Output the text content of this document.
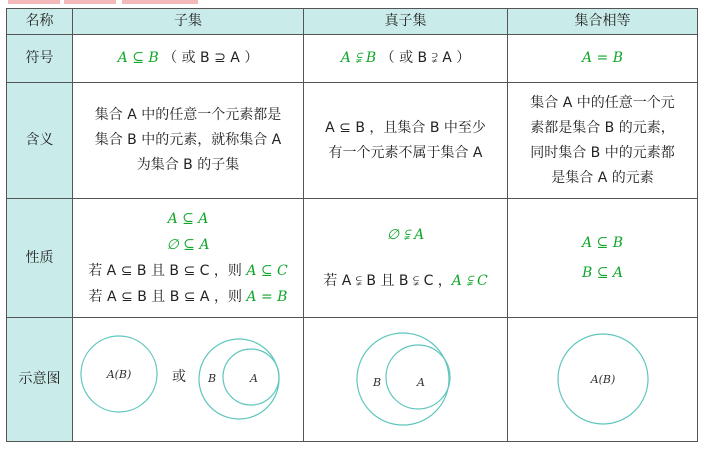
名称	子集	真子集	集合相等
符号	A ⊆ B （ 或 B ⊇ A ）	A ⫋ B （ 或 B ⫌ A ）	A = B
含义	集合 A 中的任意一个元素都是
集合 B 中的元素，就称集合 A
为集合 B 的子集	A ⊆ B ，且集合 B 中至少
有一个元素不属于集合 A	集合 A 中的任意一个元
素都是集合 B 的元素，
同时集合 B 中的元素都
是集合 A 的元素

性质	A ⊆ A
∅ ⊆ A
若 A ⊆ B 且 B ⊆ C ，则 A ⊆ C
若 A ⊆ B 且 B ⊆ A ，则 A = B	∅ ⫋ A
若 A ⫋ B 且 B ⫋ C ，A ⫋ C	A ⊆ B
B ⊆ A

示意图	A(B) 或 B A	B A	A(B)
